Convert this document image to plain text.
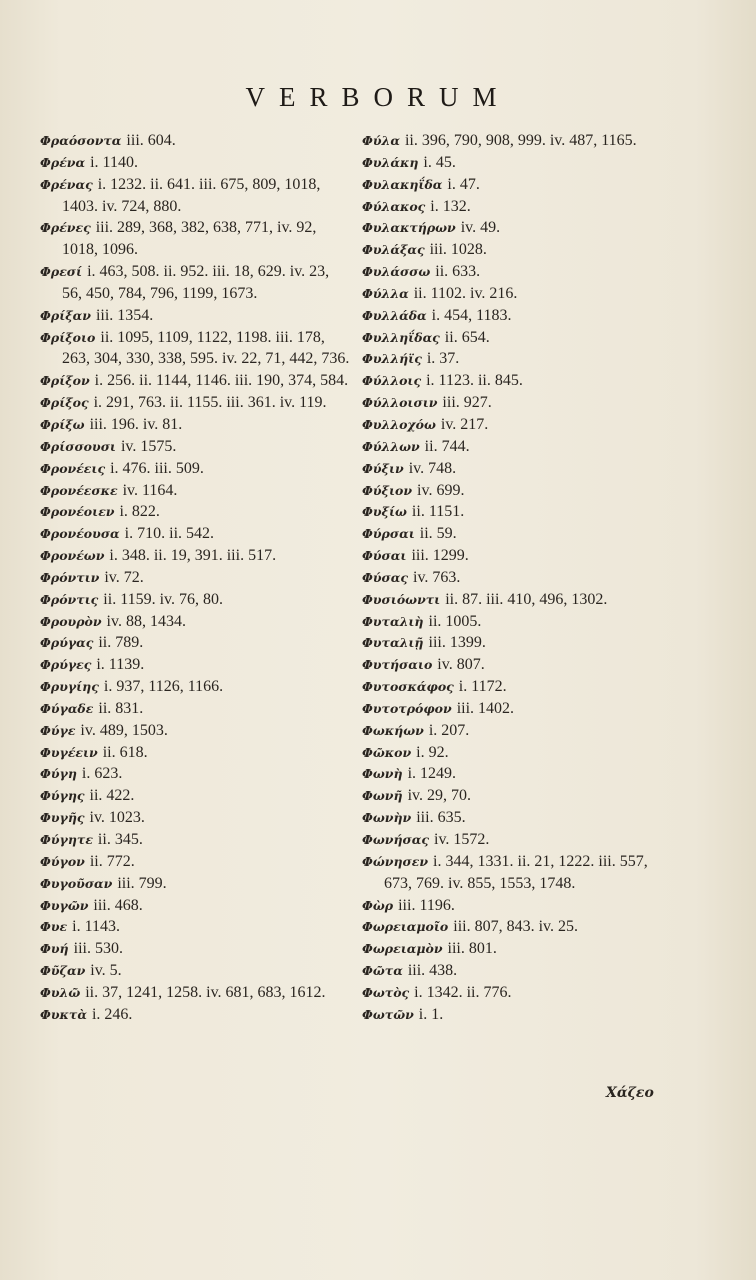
VERBORUM
Φραόσοντα iii. 604.
Φρένα i. 1140.
Φρένας i. 1232. ii. 641. iii. 675, 809, 1018, 1403. iv. 724, 880.
Φρένες iii. 289, 368, 382, 638, 771, iv. 92, 1018, 1096.
Φρεσί i. 463, 508. ii. 952. iii. 18, 629. iv. 23, 56, 450, 784, 796, 1199, 1673.
Φρίξαν iii. 1354.
Φρίξοιο ii. 1095, 1109, 1122, 1198. iii. 178, 263, 304, 330, 338, 595. iv. 22, 71, 442, 736.
Φρίξον i. 256. ii. 1144, 1146. iii. 190, 374, 584.
Φρίξος i. 291, 763. ii. 1155. iii. 361. iv. 119.
Φρίξω iii. 196. iv. 81.
Φρίσσουσι iv. 1575.
Φρονέεις i. 476. iii. 509.
Φρονέεσκε iv. 1164.
Φρονέοιεν i. 822.
Φρονέουσα i. 710. ii. 542.
Φρονέων i. 348. ii. 19, 391. iii. 517.
Φρόντιν iv. 72.
Φρόντις ii. 1159. iv. 76, 80.
Φρουρὸν iv. 88, 1434.
Φρύγας ii. 789.
Φρύγες i. 1139.
Φρυγίης i. 937, 1126, 1166.
Φύγαδε ii. 831.
Φύγε iv. 489, 1503.
Φυγέειν ii. 618.
Φύγη i. 623.
Φύγης ii. 422.
Φυγῆς iv. 1023.
Φύγητε ii. 345.
Φύγον ii. 772.
Φυγοῦσαν iii. 799.
Φυγῶν iii. 468.
Φυε i. 1143.
Φυή iii. 530.
Φῦζαν iv. 5.
Φυλῶ ii. 37, 1241, 1258. iv. 681, 683, 1612.
Φυκτὰ i. 246.
Φύλα ii. 396, 790, 908, 999. iv. 487, 1165.
Φυλάκη i. 45.
Φυλακηΐδα i. 47.
Φύλακος i. 132.
Φυλακτήρων iv. 49.
Φυλάξας iii. 1028.
Φυλάσσω ii. 633.
Φύλλα ii. 1102. iv. 216.
Φυλλάδα i. 454, 1183.
Φυλληΐδας ii. 654.
Φυλλήϊς i. 37.
Φύλλοις i. 1123. ii. 845.
Φύλλοισιν iii. 927.
Φυλλοχόω iv. 217.
Φύλλων ii. 744.
Φύξιν iv. 748.
Φύξιον iv. 699.
Φυξίω ii. 1151.
Φύρσαι ii. 59.
Φύσαι iii. 1299.
Φύσας iv. 763.
Φυσιόωντι ii. 87. iii. 410, 496, 1302.
Φυταλιὴ ii. 1005.
Φυταλιῇ iii. 1399.
Φυτήσαιο iv. 807.
Φυτοσκάφος i. 1172.
Φυτοτρόφον iii. 1402.
Φωκήων i. 207.
Φῶκον i. 92.
Φωνὴ i. 1249.
Φωνῆ iv. 29, 70.
Φωνὴν iii. 635.
Φωνήσας iv. 1572.
Φώνησεν i. 344, 1331. ii. 21, 1222. iii. 557, 673, 769. iv. 855, 1553, 1748.
Φὼρ iii. 1196.
Φωρειαμοῖο iii. 807, 843. iv. 25.
Φωρειαμὸν iii. 801.
Φῶτα iii. 438.
Φωτὸς i. 1342. ii. 776.
Φωτῶν i. 1.
Χάζεο
